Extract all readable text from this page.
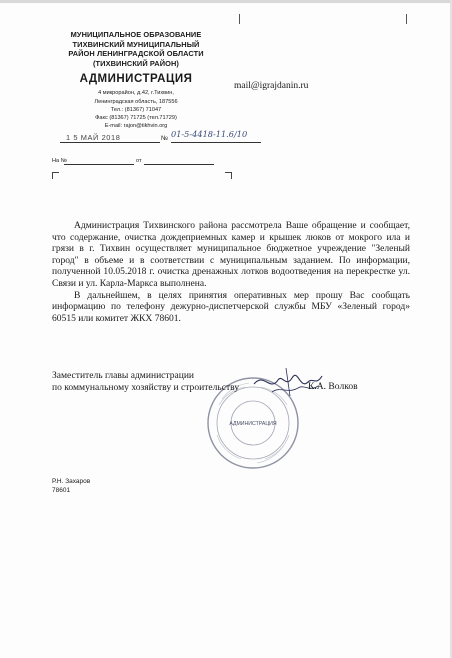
МУНИЦИПАЛЬНОЕ ОБРАЗОВАНИЕ
ТИХВИНСКИЙ МУНИЦИПАЛЬНЫЙ
РАЙОН ЛЕНИНГРАДСКОЙ ОБЛАСТИ
(ТИХВИНСКИЙ РАЙОН)
АДМИНИСТРАЦИЯ
4 микрорайон, д.42, г.Тихвин,
Ленинградская область, 187556
Тел.: (81367) 71047
Факс (81367) 71725 (тел.71729)
E-mail: rajon@tikhvin.org
mail@igrajdanin.ru
1 5 МАЙ 2018	№ 01-5-4418-11.6/10
На №	от

Администрация Тихвинского района рассмотрела Ваше обращение и сообщает, что содержание, очистка дождеприемных камер и крышек люков от мокрого ила и грязи в г. Тихвин осуществляет муниципальное бюджетное учреждение "Зеленый город" в объеме и в соответствии с муниципальным заданием. По информации, полученной 10.05.2018 г. очистка дренажных лотков водоотведения на перекрестке ул. Связи и ул. Карла-Маркса выполнена.

В дальнейшем, в целях принятия оперативных мер прошу Вас сообщать информацию по телефону дежурно-диспетчерской службы МБУ «Зеленый город» 60515 или комитет ЖКХ 78601.

АДМИНИСТРАЦИЯ
Заместитель главы администрации
по коммунальному хозяйству и строительству	К.А. Волков
Р.Н. Захаров
78601
